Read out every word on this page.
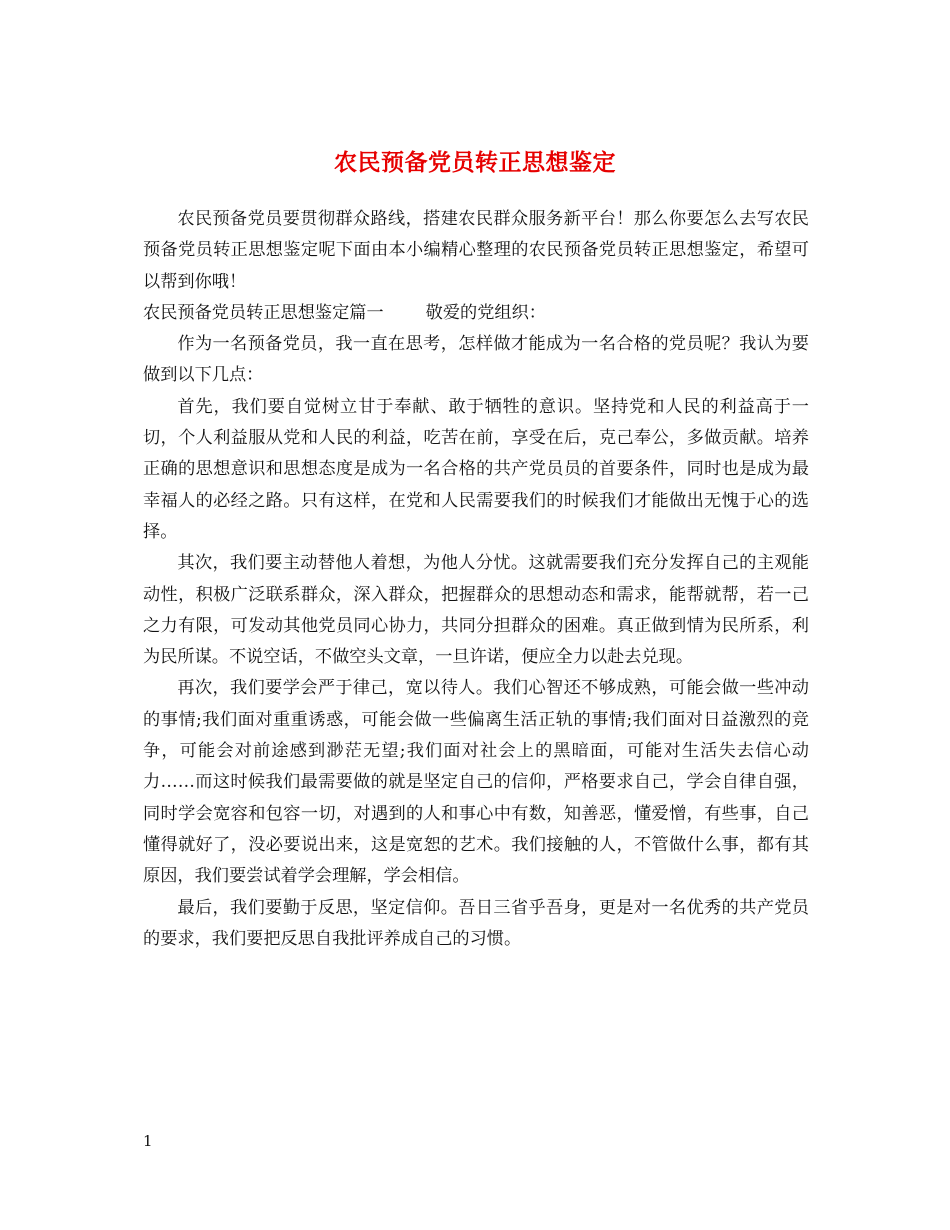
农民预备党员转正思想鉴定

农民预备党员要贯彻群众路线，搭建农民群众服务新平台！那么你要怎么去写农民预备党员转正思想鉴定呢下面由本小编精心整理的农民预备党员转正思想鉴定，希望可以帮到你哦！

农民预备党员转正思想鉴定篇一 敬爱的党组织：

作为一名预备党员，我一直在思考，怎样做才能成为一名合格的党员呢？我认为要做到以下几点：

首先，我们要自觉树立甘于奉献、敢于牺牲的意识。坚持党和人民的利益高于一切，个人利益服从党和人民的利益，吃苦在前，享受在后，克己奉公，多做贡献。培养正确的思想意识和思想态度是成为一名合格的共产党员员的首要条件，同时也是成为最幸福人的必经之路。只有这样，在党和人民需要我们的时候我们才能做出无愧于心的选择。

其次，我们要主动替他人着想，为他人分忧。这就需要我们充分发挥自己的主观能动性，积极广泛联系群众，深入群众，把握群众的思想动态和需求，能帮就帮，若一己之力有限，可发动其他党员同心协力，共同分担群众的困难。真正做到情为民所系，利为民所谋。不说空话，不做空头文章，一旦许诺，便应全力以赴去兑现。

再次，我们要学会严于律己，宽以待人。我们心智还不够成熟，可能会做一些冲动的事情;我们面对重重诱惑，可能会做一些偏离生活正轨的事情;我们面对日益激烈的竞争，可能会对前途感到渺茫无望;我们面对社会上的黑暗面，可能对生活失去信心动力……而这时候我们最需要做的就是坚定自己的信仰，严格要求自己，学会自律自强，同时学会宽容和包容一切，对遇到的人和事心中有数，知善恶，懂爱憎，有些事，自己懂得就好了，没必要说出来，这是宽恕的艺术。我们接触的人，不管做什么事，都有其原因，我们要尝试着学会理解，学会相信。

最后，我们要勤于反思，坚定信仰。吾日三省乎吾身，更是对一名优秀的共产党员的要求，我们要把反思自我批评养成自己的习惯。

1
